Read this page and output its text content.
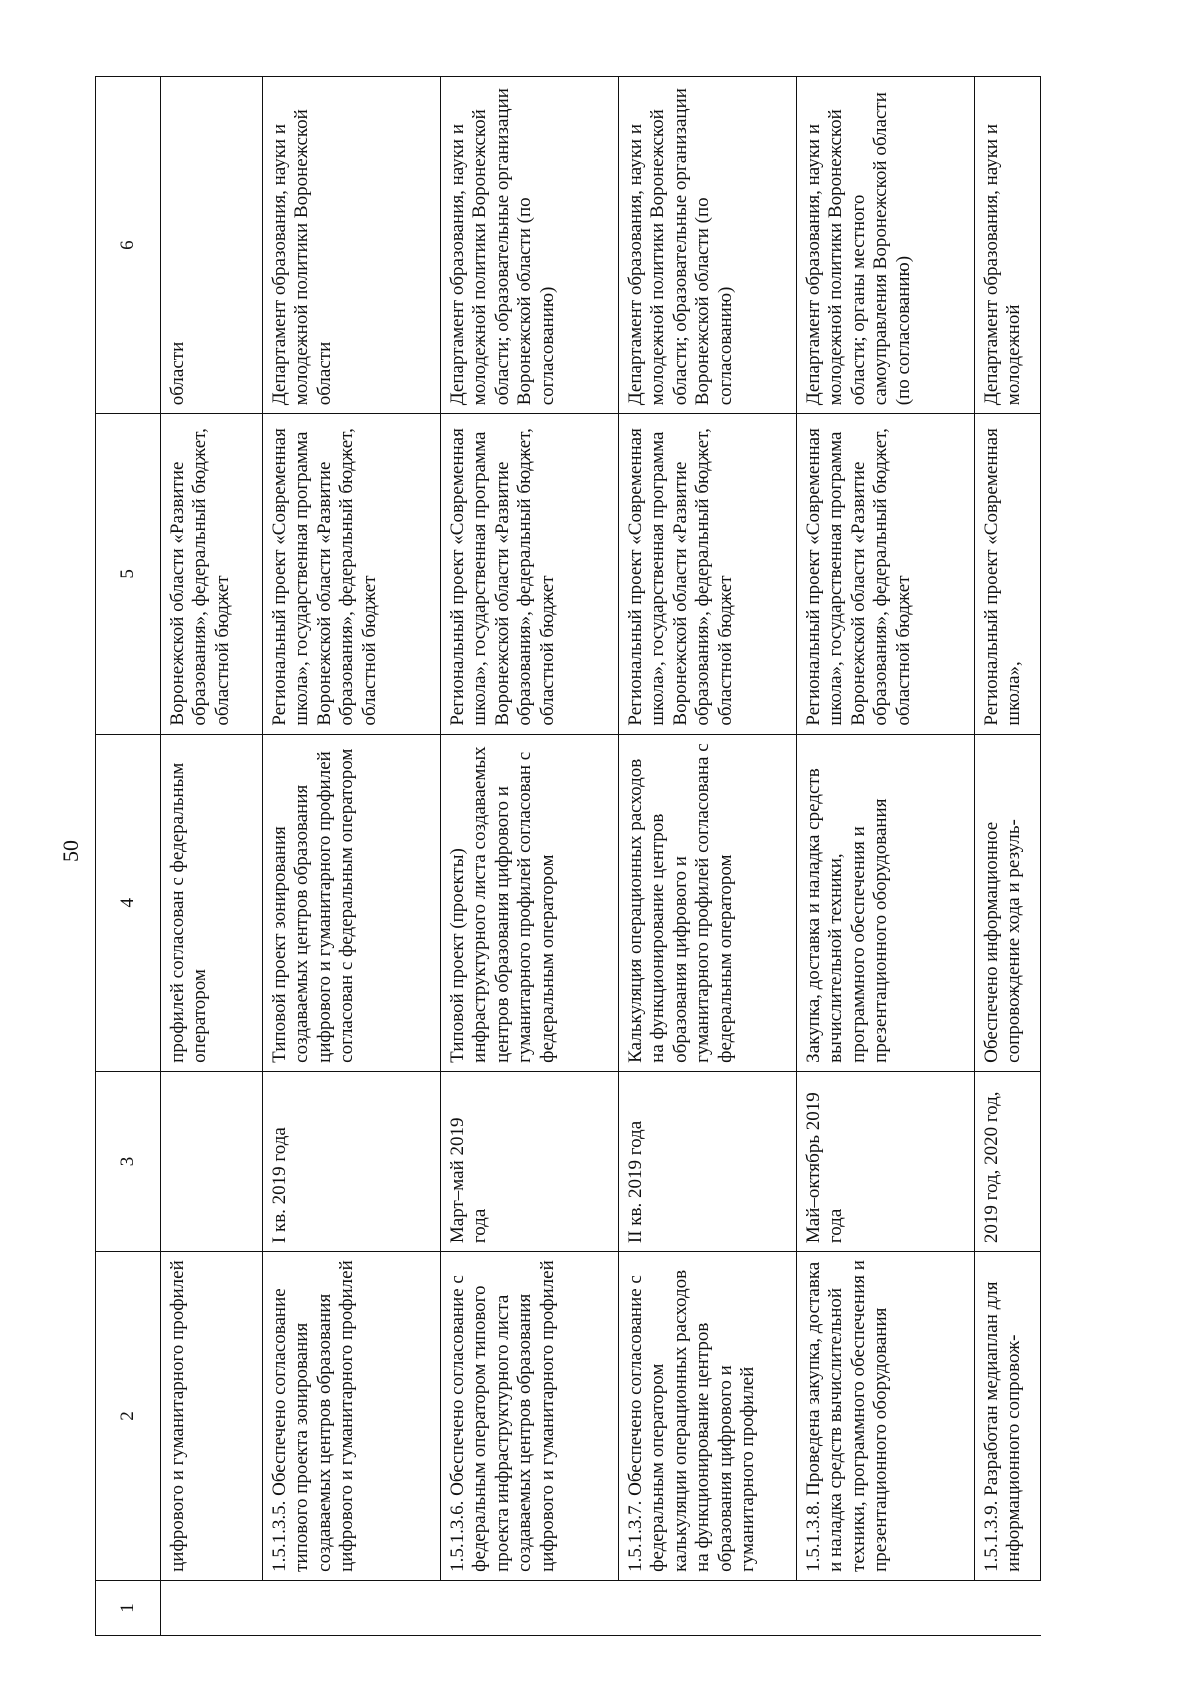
50
1	2	3	4	5	6
	цифрового и гуманитарного профилей		профилей согласован с федеральным оператором	Воронежской области «Развитие образования», федеральный бюджет, областной бюджет	области
	1.5.1.3.5. Обеспечено согласование типового проекта зонирования создаваемых центров образования цифрового и гуманитарного профилей	I кв. 2019 года	Типовой проект зонирования создаваемых центров образования цифрового и гуманитарного профилей согласован с федеральным оператором	Региональный проект «Современная школа», государственная программа Воронежской области «Развитие образования», федеральный бюджет, областной бюджет	Департамент образования, науки и молодежной политики Воронежской области
	1.5.1.3.6. Обеспечено согласование с федеральным оператором типового проекта инфраструктурного листа создаваемых центров образования цифрового и гуманитарного профилей	Март–май 2019 года	Типовой проект (проекты) инфраструктурного листа создаваемых центров образования цифрового и гуманитарного профилей согласован с федеральным оператором	Региональный проект «Современная школа», государственная программа Воронежской области «Развитие образования», федеральный бюджет, областной бюджет	Департамент образования, науки и молодежной политики Воронежской области; образовательные организации Воронежской области (по согласованию)
	1.5.1.3.7. Обеспечено согласование с федеральным оператором калькуляции операционных расходов на функционирование центров образования цифрового и гуманитарного профилей	II кв. 2019 года	Калькуляция операционных расходов на функционирование центров образования цифрового и гуманитарного профилей согласована с федеральным оператором	Региональный проект «Современная школа», государственная программа Воронежской области «Развитие образования», федеральный бюджет, областной бюджет	Департамент образования, науки и молодежной политики Воронежской области; образовательные организации Воронежской области (по согласованию)
	1.5.1.3.8. Проведена закупка, доставка и наладка средств вычислительной техники, программного обеспечения и презентационного оборудования	Май–октябрь 2019 года	Закупка, доставка и наладка средств вычислительной техники, программного обеспечения и презентационного оборудования	Региональный проект «Современная школа», государственная программа Воронежской области «Развитие образования», федеральный бюджет, областной бюджет	Департамент образования, науки и молодежной политики Воронежской области; органы местного самоуправления Воронежской области (по согласованию)
	1.5.1.3.9. Разработан медиаплан для информационного сопровож-	2019 год, 2020 год,	Обеспечено информационное сопровождение хода и резуль-	Региональный проект «Современная школа»,	Департамент образования, науки и молодежной
